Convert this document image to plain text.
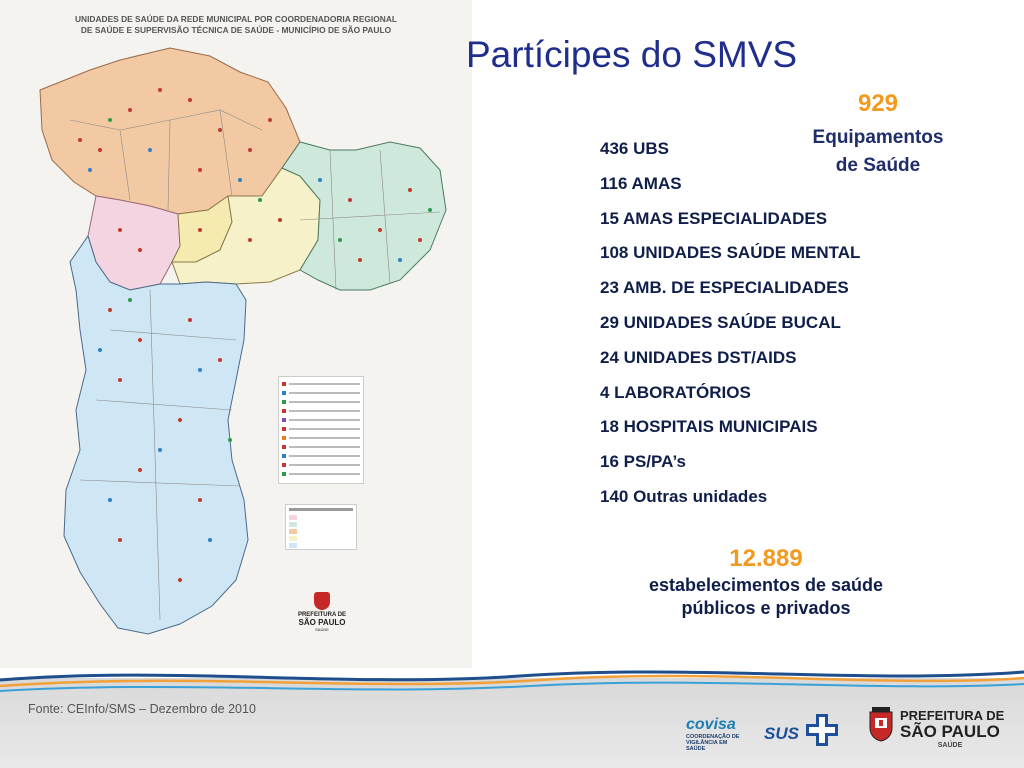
UNIDADES DE SAÚDE DA REDE MUNICIPAL POR COORDENADORIA REGIONAL
DE SAÚDE E SUPERVISÃO TÉCNICA DE SAÚDE - MUNICÍPIO DE SÃO PAULO

PREFEITURA DE
SÃO PAULO
SAÚDE
Partícipes do SMVS
929
Equipamentos
de Saúde
436 UBS
116 AMAS
15 AMAS ESPECIALIDADES
108 UNIDADES SAÚDE MENTAL
23 AMB. DE ESPECIALIDADES
29 UNIDADES SAÚDE BUCAL
24 UNIDADES DST/AIDS
4 LABORATÓRIOS
18 HOSPITAIS MUNICIPAIS
16 PS/PA’s
140 Outras unidades
12.889
estabelecimentos de saúde
públicos e privados
Fonte: CEInfo/SMS – Dezembro de 2010
covisa
COORDENAÇÃO DE
VIGILÂNCIA EM SAÚDE
SUS
PREFEITURA DE
SÃO PAULO
SAÚDE
